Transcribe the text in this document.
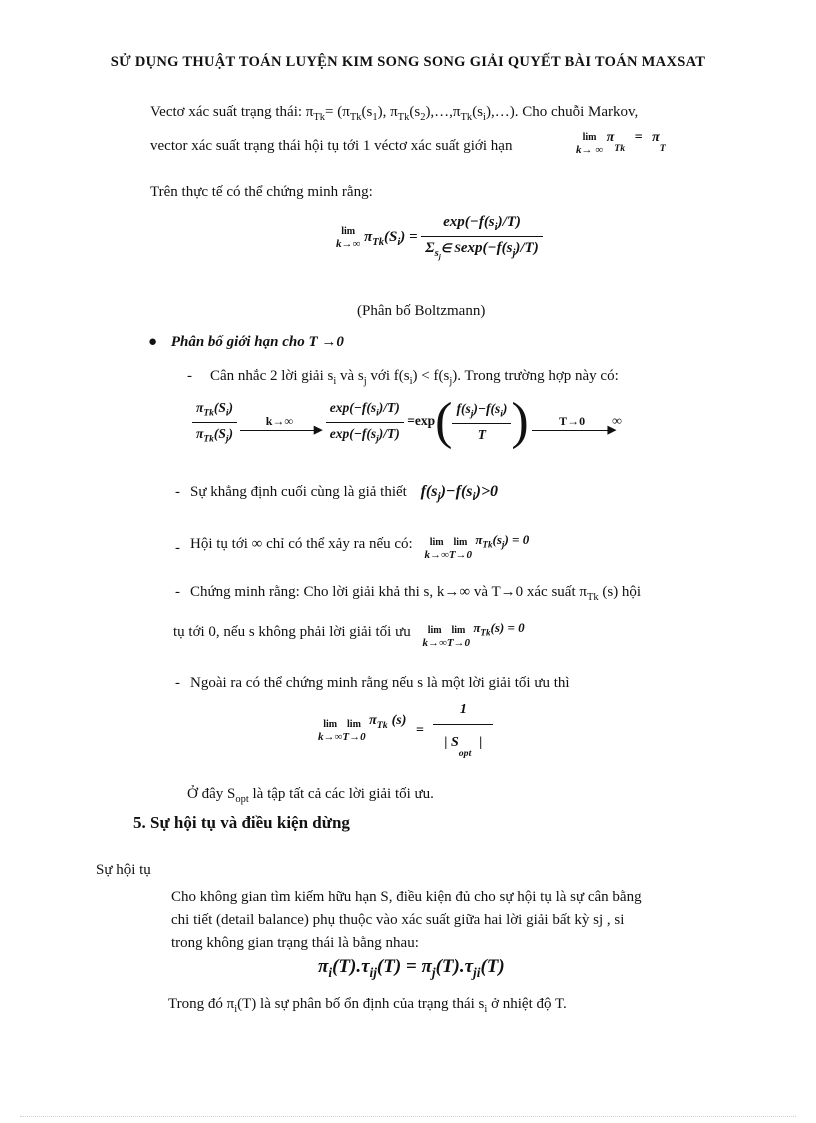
SỬ DỤNG THUẬT TOÁN LUYỆN KIM SONG SONG GIẢI QUYẾT BÀI TOÁN MAXSAT
Vectơ xác suất trạng thái: $\pi_{Tk}= (\pi_{Tk}(s_1)$, $\pi_{Tk}(s_2),\dots,\pi_{Tk}(s_i),\dots$). Cho chuỗi Markov,
vector xác suất trạng thái hội tụ tới 1 véctơ xác suất giới hạn
lim
k→ ∞
$\pi_{Tk} = \pi_T$
Trên thực tế có thể chứng minh rằng:
lim
k→∞ $\pi_{Tk}(S_i) = \frac{\exp(-f(s_i)/T)}{\Sigma_{s_j}\in Sexp(-f(s_j)/T)}$
(Phân bố Boltzmann)
● Phân bố giới hạn cho T →0
- Cân nhắc 2 lời giải $s_i$ và $s_j$ với $f(s_i) < f(s_j)$. Trong trường hợp này có:
$\frac{\pi_{Tk}(S_i)}{\pi_{Tk}(S_j)}$
	k→∞
▶
$\frac{\exp(-f(s_i)/T)}{\exp(-f(s_j)/T)} =\exp( \frac{f(s_j)-f(s_i)}{T}$ )	T→0
▶
∞
- Sự khẳng định cuối cùng là giả thiết $f(s_j)-f(s_i)>0$
- Hội tụ tới ∞ chỉ có thể xảy ra nếu có:	lim
k→∞
lim
T→0
$\pi_{Tk}(s_j) = 0$
- Chứng minh rằng: Cho lời giải khả thi s, k→∞ và T→0 xác suất $\pi_{Tk}$ (s) hội
tụ tới 0, nếu s không phải lời giải tối ưu	lim
k→∞
lim
T→0
$\pi_{Tk}(s) = 0$
- Ngoài ra có thể chứng minh rằng nếu s là một lời giải tối ưu thì
lim
k→∞
lim
T→0
$\pi_{Tk}$ $(s) = \frac{1}{| S_{opt}|}$
Ở đây $S_{opt}$ là tập tất cả các lời giải tối ưu.
5. Sự hội tụ và điều kiện dừng
Sự hội tụ
Cho không gian tìm kiếm hữu hạn S, điều kiện đủ cho sự hội tụ là sự cân bằng
chi tiết (detail balance) phụ thuộc vào xác suất giữa hai lời giải bất kỳ sj , si
trong không gian trạng thái là bằng nhau:
$\pi_i(T).\tau_{ij}(T) = \pi_j(T).\tau_{ji}(T)$
Trong đó $\pi_i(T)$ là sự phân bố ổn định của trạng thái $s_i$ ở nhiệt độ T.
